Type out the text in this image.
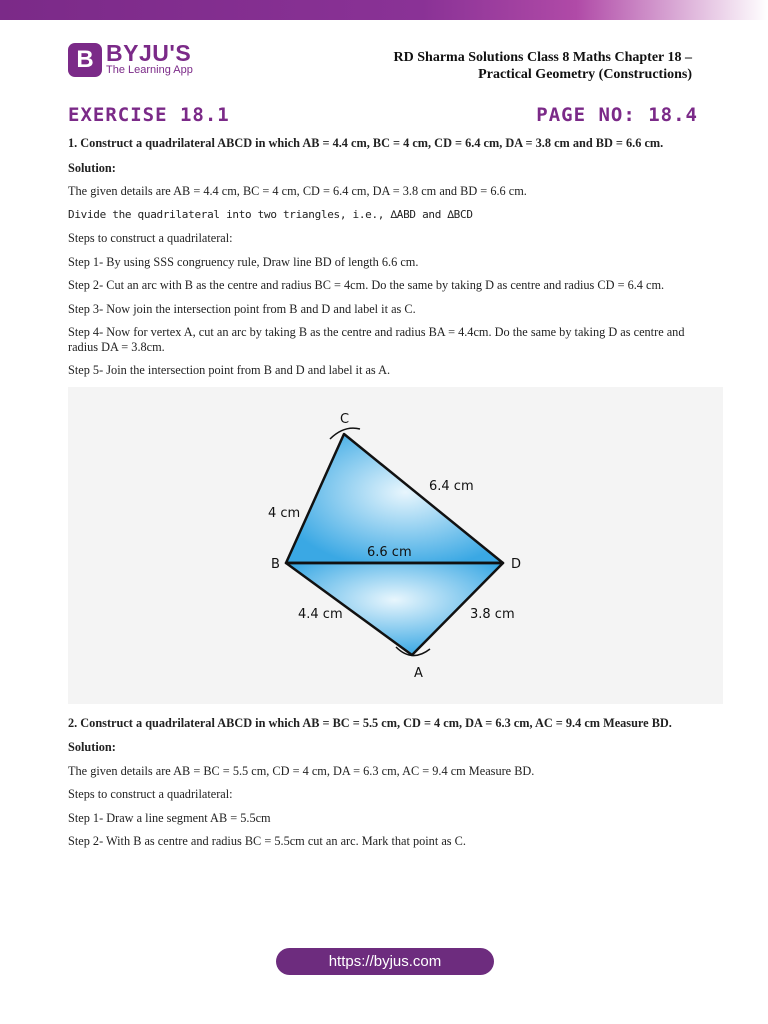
B BYJU'S
The Learning App
RD Sharma Solutions Class 8 Maths Chapter 18 –
Practical Geometry (Constructions)
EXERCISE 18.1	PAGE NO: 18.4

1. Construct a quadrilateral ABCD in which AB = 4.4 cm, BC = 4 cm, CD = 6.4 cm, DA = 3.8 cm and BD = 6.6 cm.

Solution:

The given details are AB = 4.4 cm, BC = 4 cm, CD = 6.4 cm, DA = 3.8 cm and BD = 6.6 cm.

Divide the quadrilateral into two triangles, i.e., ∆ABD and ∆BCD

Steps to construct a quadrilateral:

Step 1- By using SSS congruency rule, Draw line BD of length 6.6 cm.

Step 2- Cut an arc with B as the centre and radius BC = 4cm. Do the same by taking D as centre and radius CD = 6.4 cm.

Step 3- Now join the intersection point from B and D and label it as C.

Step 4- Now for vertex A, cut an arc by taking B as the centre and radius BA = 4.4cm. Do the same by taking D as centre and radius DA = 3.8cm.

Step 5- Join the intersection point from B and D and label it as A.

C
B	D
A
4 cm
6.4 cm
6.6 cm
4.4 cm	3.8 cm

2. Construct a quadrilateral ABCD in which AB = BC = 5.5 cm, CD = 4 cm, DA = 6.3 cm, AC = 9.4 cm Measure BD.

Solution:

The given details are AB = BC = 5.5 cm, CD = 4 cm, DA = 6.3 cm, AC = 9.4 cm Measure BD.

Steps to construct a quadrilateral:

Step 1- Draw a line segment AB = 5.5cm

Step 2- With B as centre and radius BC = 5.5cm cut an arc. Mark that point as C.

https://byjus.com
